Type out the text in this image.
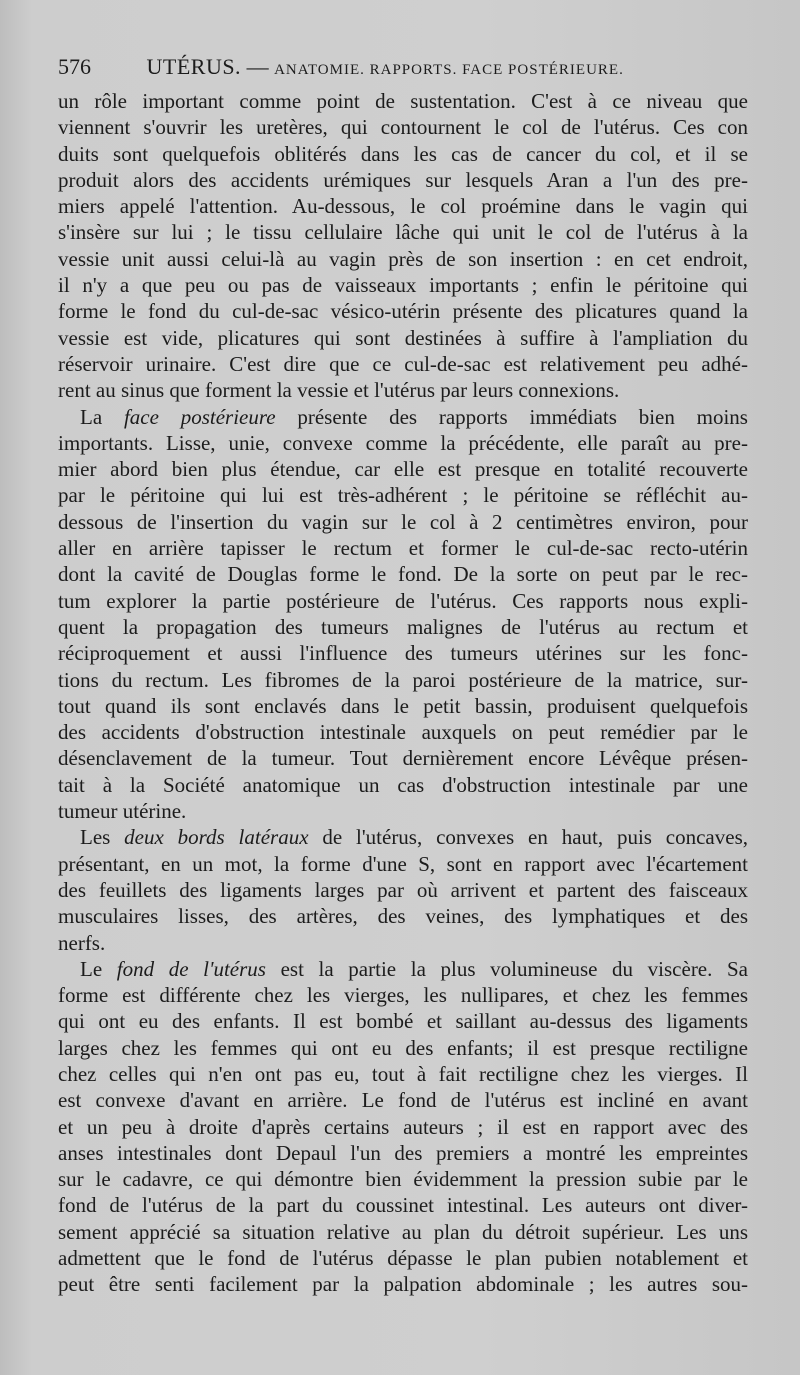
576	UTÉRUS. — ANATOMIE. RAPPORTS. FACE POSTÉRIEURE.

un rôle important comme point de sustentation. C'est à ce niveau que

viennent s'ouvrir les uretères, qui contournent le col de l'utérus. Ces con

duits sont quelquefois oblitérés dans les cas de cancer du col, et il se

produit alors des accidents urémiques sur lesquels Aran a l'un des pre-

miers appelé l'attention. Au-dessous, le col proémine dans le vagin qui

s'insère sur lui ; le tissu cellulaire lâche qui unit le col de l'utérus à la

vessie unit aussi celui-là au vagin près de son insertion : en cet endroit,

il n'y a que peu ou pas de vaisseaux importants ; enfin le péritoine qui

forme le fond du cul-de-sac vésico-utérin présente des plicatures quand la

vessie est vide, plicatures qui sont destinées à suffire à l'ampliation du

réservoir urinaire. C'est dire que ce cul-de-sac est relativement peu adhé-

rent au sinus que forment la vessie et l'utérus par leurs connexions.

La face postérieure présente des rapports immédiats bien moins

importants. Lisse, unie, convexe comme la précédente, elle paraît au pre-

mier abord bien plus étendue, car elle est presque en totalité recouverte

par le péritoine qui lui est très-adhérent ; le péritoine se réfléchit au-

dessous de l'insertion du vagin sur le col à 2 centimètres environ, pour

aller en arrière tapisser le rectum et former le cul-de-sac recto-utérin

dont la cavité de Douglas forme le fond. De la sorte on peut par le rec-

tum explorer la partie postérieure de l'utérus. Ces rapports nous expli-

quent la propagation des tumeurs malignes de l'utérus au rectum et

réciproquement et aussi l'influence des tumeurs utérines sur les fonc-

tions du rectum. Les fibromes de la paroi postérieure de la matrice, sur-

tout quand ils sont enclavés dans le petit bassin, produisent quelquefois

des accidents d'obstruction intestinale auxquels on peut remédier par le

désenclavement de la tumeur. Tout dernièrement encore Lévêque présen-

tait à la Société anatomique un cas d'obstruction intestinale par une

tumeur utérine.

Les deux bords latéraux de l'utérus, convexes en haut, puis concaves,

présentant, en un mot, la forme d'une S, sont en rapport avec l'écartement

des feuillets des ligaments larges par où arrivent et partent des faisceaux

musculaires lisses, des artères, des veines, des lymphatiques et des

nerfs.

Le fond de l'utérus est la partie la plus volumineuse du viscère. Sa

forme est différente chez les vierges, les nullipares, et chez les femmes

qui ont eu des enfants. Il est bombé et saillant au-dessus des ligaments

larges chez les femmes qui ont eu des enfants; il est presque rectiligne

chez celles qui n'en ont pas eu, tout à fait rectiligne chez les vierges. Il

est convexe d'avant en arrière. Le fond de l'utérus est incliné en avant

et un peu à droite d'après certains auteurs ; il est en rapport avec des

anses intestinales dont Depaul l'un des premiers a montré les empreintes

sur le cadavre, ce qui démontre bien évidemment la pression subie par le

fond de l'utérus de la part du coussinet intestinal. Les auteurs ont diver-

sement apprécié sa situation relative au plan du détroit supérieur. Les uns

admettent que le fond de l'utérus dépasse le plan pubien notablement et

peut être senti facilement par la palpation abdominale ; les autres sou-
